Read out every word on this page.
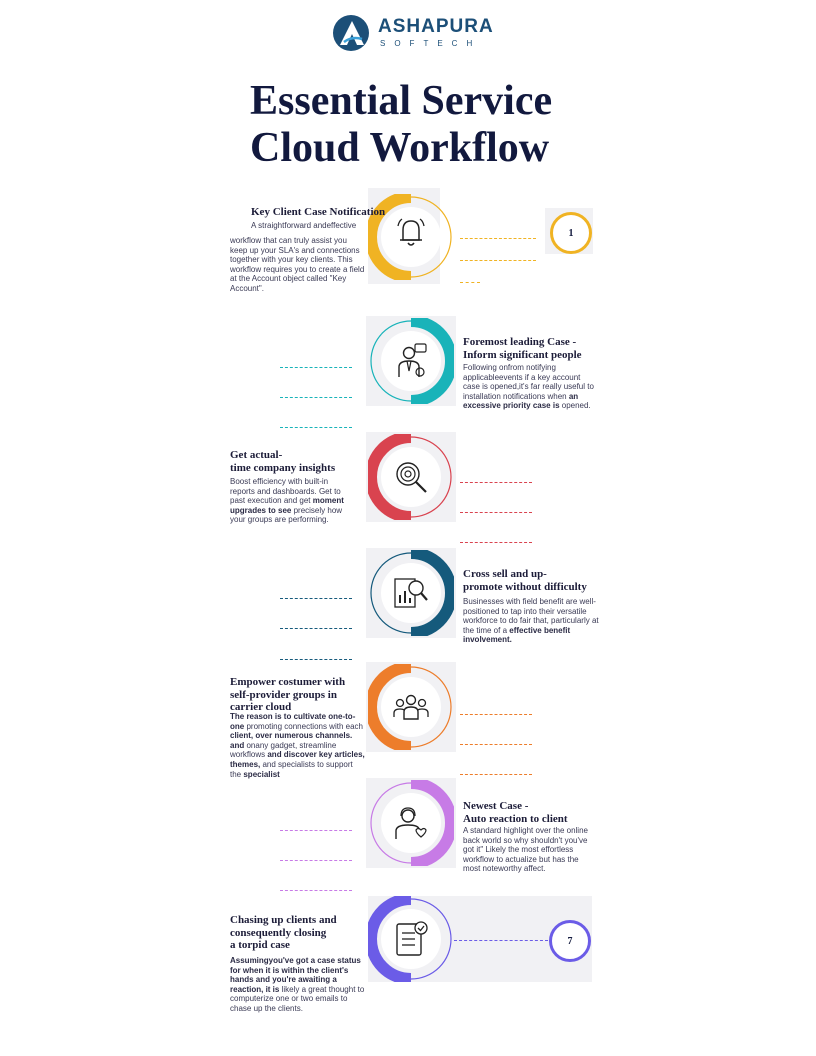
ASHAPURA
SOFTECH
Essential Service
Cloud Workflow
Key Client Case Notification
A straightforward andeffective
workflow that can truly assist you keep up your SLA's and connections together with your key clients. This workflow requires you to create a field at the Account object called "Key Account".
1
Foremost leading Case -
Inform significant people
Following onfrom notifying applicableevents if a key account case is opened,it's far really useful to installation notifications when an excessive priority case is opened.
Get actual-
time company insights
Boost efficiency with built-in reports and dashboards. Get to past execution and get moment upgrades to see precisely how your groups are performing.
Cross sell and up-
promote without difficulty
Businesses with field benefit are well-positioned to tap into their versatile workforce to do fair that, particularly at the time of a effective benefit involvement.
Empower costumer with
self-provider groups in
carrier cloud
The reason is to cultivate one-to-one promoting connections with each client, over numerous channels. and onany gadget, streamline workflows and discover key articles, themes, and specialists to support the specialist
Newest Case -
Auto reaction to client
A standard highlight over the online back world so why shouldn't you've got it" Likely the most effortless workflow to actualize but has the most noteworthy affect.
Chasing up clients and
consequently closing
a torpid case
Assumingyou've got a case status for when it is within the client's hands and you're awaiting a reaction, it is likely a great thought to computerize one or two emails to chase up the clients.
7
